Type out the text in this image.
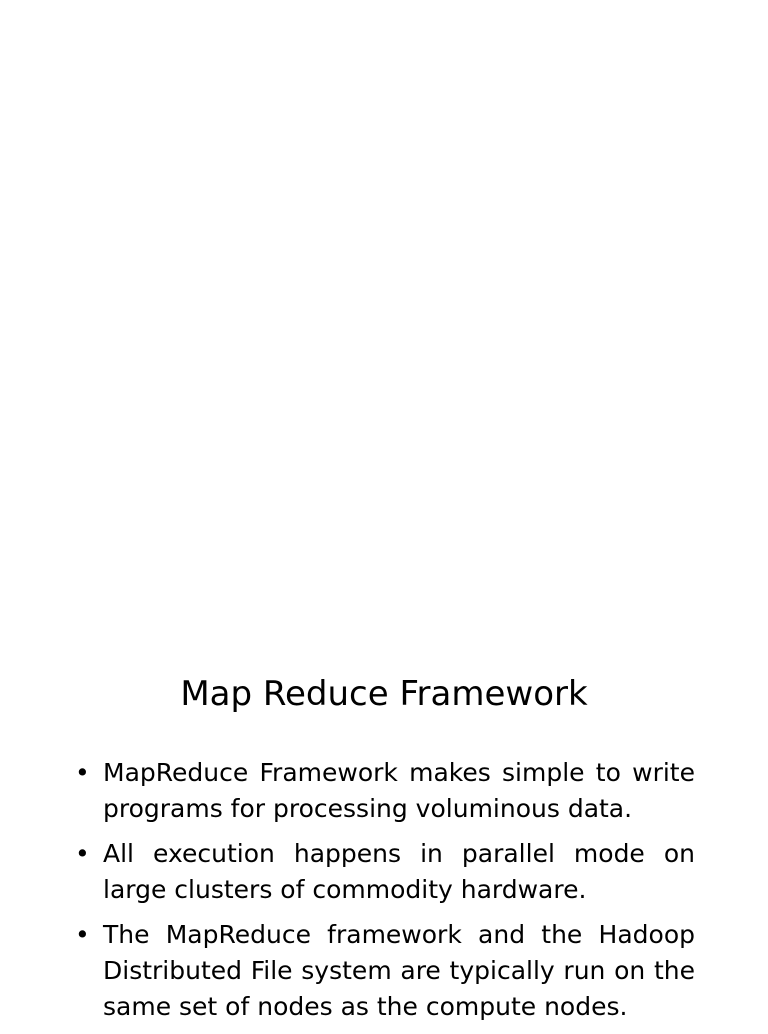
Map Reduce Framework
• MapReduce Framework makes simple to write programs for processing voluminous data.
• All execution happens in parallel mode on large clusters of commodity hardware.
• The MapReduce framework and the Hadoop Distributed File system are typically run on the same set of nodes as the compute nodes.
